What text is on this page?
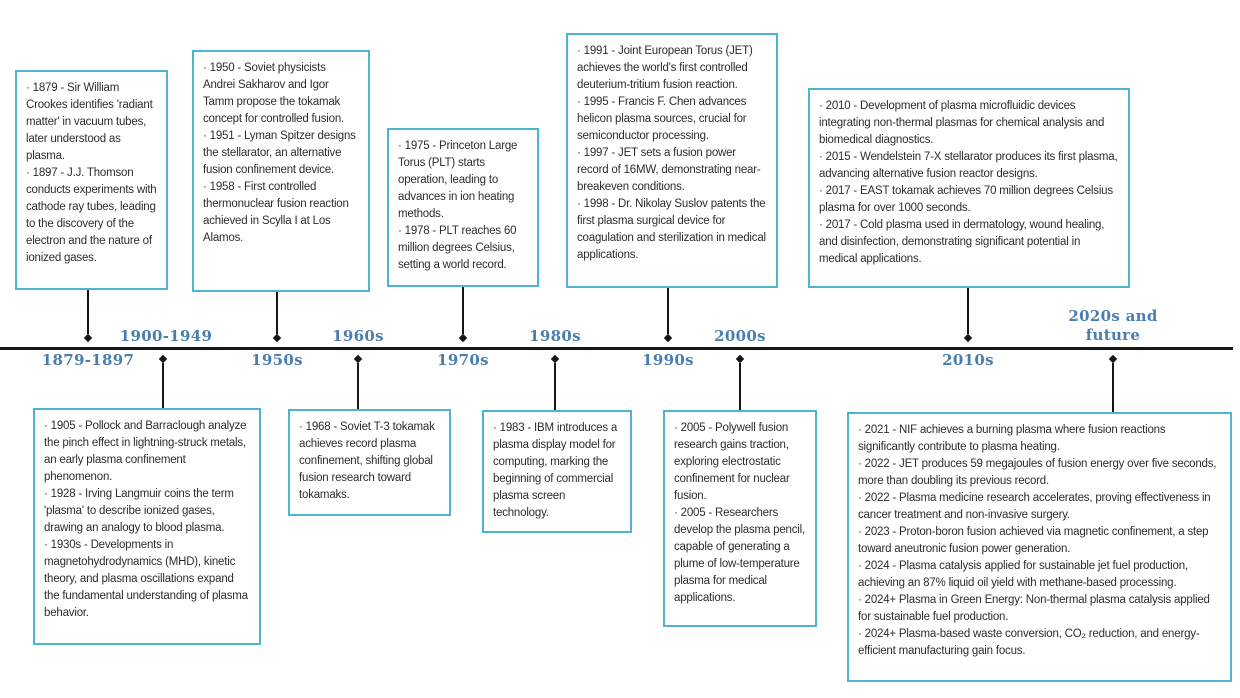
· 1879 - Sir William Crookes identifies 'radiant matter' in vacuum tubes, later understood as plasma.

· 1897 - J.J. Thomson conducts experiments with cathode ray tubes, leading to the discovery of the electron and the nature of ionized gases.

1879-1897

· 1905 - Pollock and Barraclough analyze the pinch effect in lightning-struck metals, an early plasma confinement phenomenon.

· 1928 - Irving Langmuir coins the term 'plasma' to describe ionized gases, drawing an analogy to blood plasma.

· 1930s - Developments in magnetohydrodynamics (MHD), kinetic theory, and plasma oscillations expand the fundamental understanding of plasma behavior.

1900-1949

· 1950 - Soviet physicists Andrei Sakharov and Igor Tamm propose the tokamak concept for controlled fusion.

· 1951 - Lyman Spitzer designs the stellarator, an alternative fusion confinement device.

· 1958 - First controlled thermonuclear fusion reaction achieved in Scylla I at Los Alamos.

1950s

· 1968 - Soviet T-3 tokamak achieves record plasma confinement, shifting global fusion research toward tokamaks.

1960s

· 1975 - Princeton Large Torus (PLT) starts operation, leading to advances in ion heating methods.

· 1978 - PLT reaches 60 million degrees Celsius, setting a world record.

1970s

· 1983 - IBM introduces a plasma display model for computing, marking the beginning of commercial plasma screen technology.

1980s

· 1991 - Joint European Torus (JET) achieves the world's first controlled deuterium-tritium fusion reaction.

· 1995 - Francis F. Chen advances helicon plasma sources, crucial for semiconductor processing.

· 1997 - JET sets a fusion power record of 16MW, demonstrating near-breakeven conditions.

· 1998 - Dr. Nikolay Suslov patents the first plasma surgical device for coagulation and sterilization in medical applications.

1990s

· 2005 - Polywell fusion research gains traction, exploring electrostatic confinement for nuclear fusion.

· 2005 - Researchers develop the plasma pencil, capable of generating a plume of low-temperature plasma for medical applications.

2000s

· 2010 - Development of plasma microfluidic devices integrating non-thermal plasmas for chemical analysis and biomedical diagnostics.

· 2015 - Wendelstein 7-X stellarator produces its first plasma, advancing alternative fusion reactor designs.

· 2017 - EAST tokamak achieves 70 million degrees Celsius plasma for over 1000 seconds.

· 2017 - Cold plasma used in dermatology, wound healing, and disinfection, demonstrating significant potential in medical applications.

2010s

· 2021 - NIF achieves a burning plasma where fusion reactions significantly contribute to plasma heating.

· 2022 - JET produces 59 megajoules of fusion energy over five seconds, more than doubling its previous record.

· 2022 - Plasma medicine research accelerates, proving effectiveness in cancer treatment and non-invasive surgery.

· 2023 - Proton-boron fusion achieved via magnetic confinement, a step toward aneutronic fusion power generation.

· 2024 - Plasma catalysis applied for sustainable jet fuel production, achieving an 87% liquid oil yield with methane-based processing.

· 2024+ Plasma in Green Energy: Non-thermal plasma catalysis applied for sustainable fuel production.

· 2024+ Plasma-based waste conversion, CO₂ reduction, and energy-efficient manufacturing gain focus.

2020s and future
